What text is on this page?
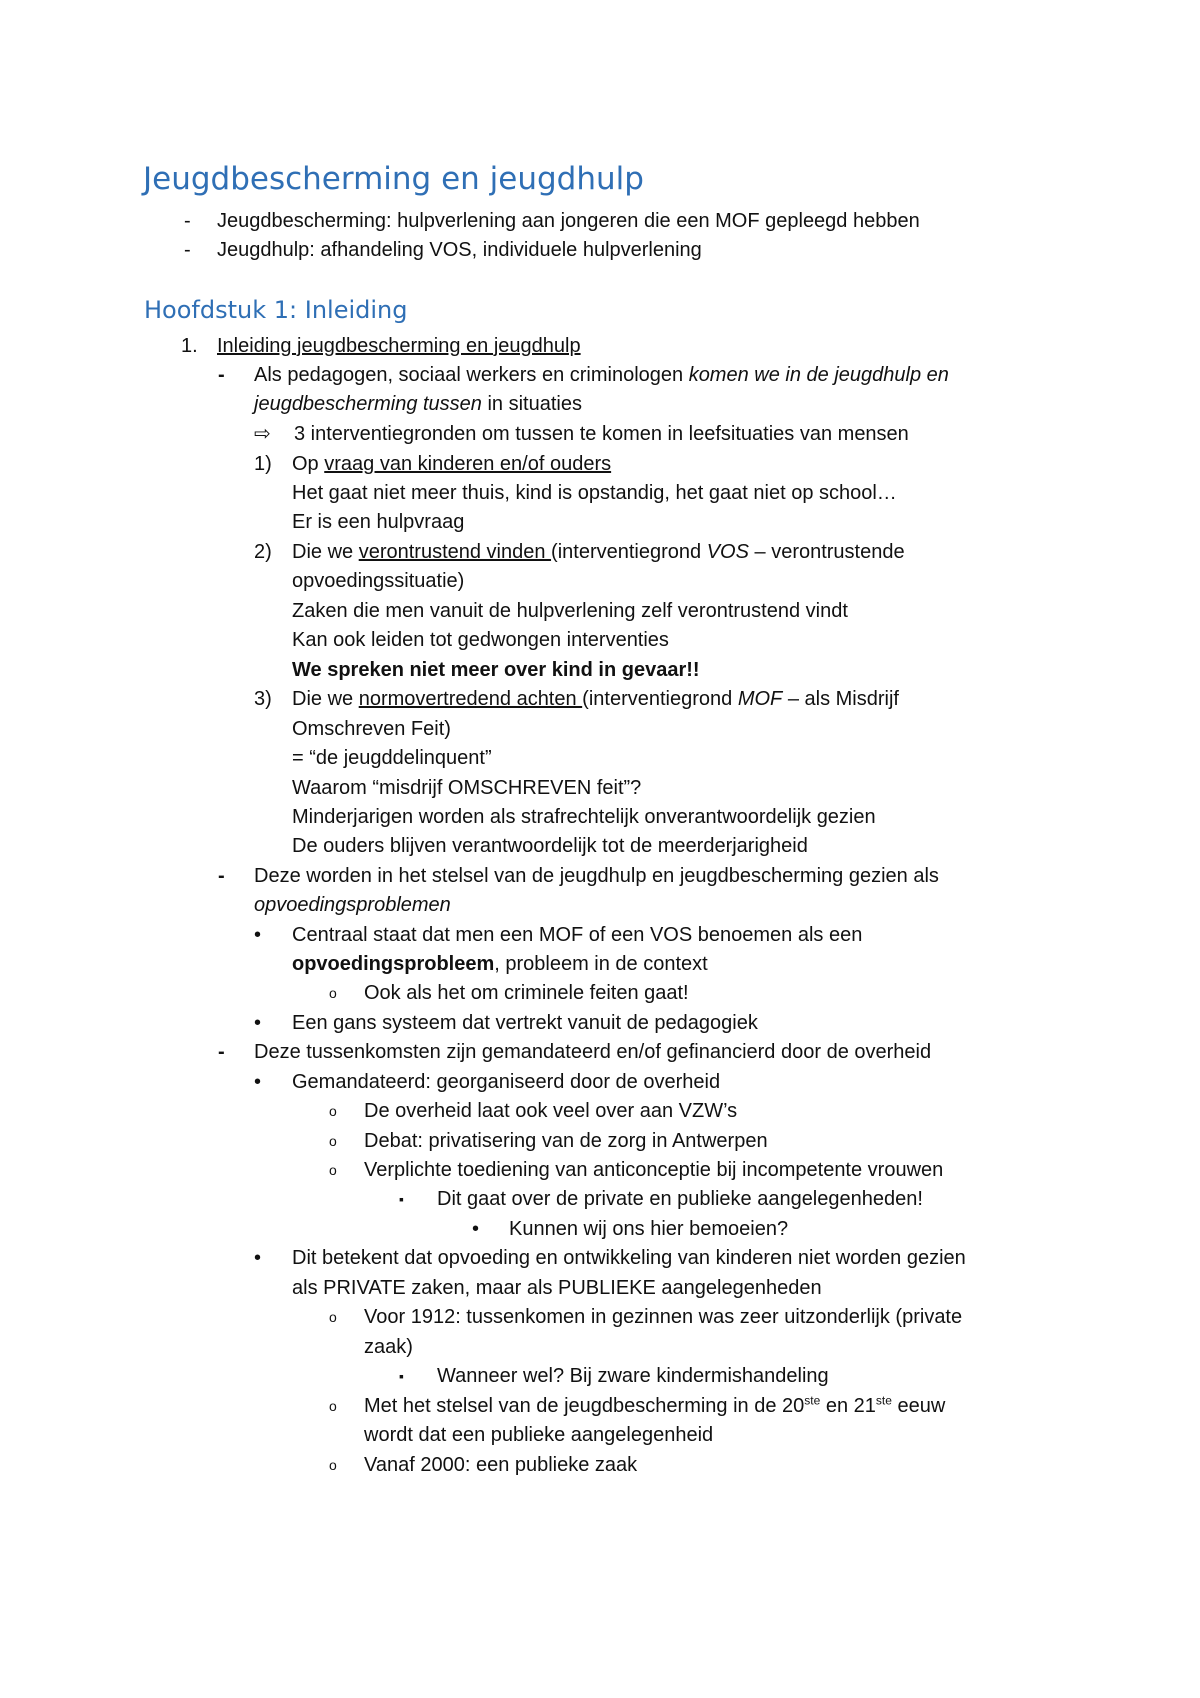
Jeugdbescherming en jeugdhulp
- Jeugdbescherming: hulpverlening aan jongeren die een MOF gepleegd hebben
- Jeugdhulp: afhandeling VOS, individuele hulpverlening
Hoofdstuk 1: Inleiding
1. Inleiding jeugdbescherming en jeugdhulp
- Als pedagogen, sociaal werkers en criminologen komen we in de jeugdhulp en
jeugdbescherming tussen in situaties
⇨ 3 interventiegronden om tussen te komen in leefsituaties van mensen
1) Op vraag van kinderen en/of ouders
Het gaat niet meer thuis, kind is opstandig, het gaat niet op school…
Er is een hulpvraag
2) Die we verontrustend vinden (interventiegrond VOS – verontrustende
opvoedingssituatie)
Zaken die men vanuit de hulpverlening zelf verontrustend vindt
Kan ook leiden tot gedwongen interventies
We spreken niet meer over kind in gevaar!!
3) Die we normovertredend achten (interventiegrond MOF – als Misdrijf
Omschreven Feit)
= “de jeugddelinquent”
Waarom “misdrijf OMSCHREVEN feit”?
Minderjarigen worden als strafrechtelijk onverantwoordelijk gezien
De ouders blijven verantwoordelijk tot de meerderjarigheid
- Deze worden in het stelsel van de jeugdhulp en jeugdbescherming gezien als
opvoedingsproblemen
• Centraal staat dat men een MOF of een VOS benoemen als een
opvoedingsprobleem, probleem in de context
o Ook als het om criminele feiten gaat!
• Een gans systeem dat vertrekt vanuit de pedagogiek
- Deze tussenkomsten zijn gemandateerd en/of gefinancierd door de overheid
• Gemandateerd: georganiseerd door de overheid
o De overheid laat ook veel over aan VZW’s
o Debat: privatisering van de zorg in Antwerpen
o Verplichte toediening van anticonceptie bij incompetente vrouwen
▪ Dit gaat over de private en publieke aangelegenheden!
• Kunnen wij ons hier bemoeien?
• Dit betekent dat opvoeding en ontwikkeling van kinderen niet worden gezien
als PRIVATE zaken, maar als PUBLIEKE aangelegenheden
o Voor 1912: tussenkomen in gezinnen was zeer uitzonderlijk (private
zaak)
▪ Wanneer wel? Bij zware kindermishandeling
o Met het stelsel van de jeugdbescherming in de 20ste en 21ste eeuw
wordt dat een publieke aangelegenheid
o Vanaf 2000: een publieke zaak
